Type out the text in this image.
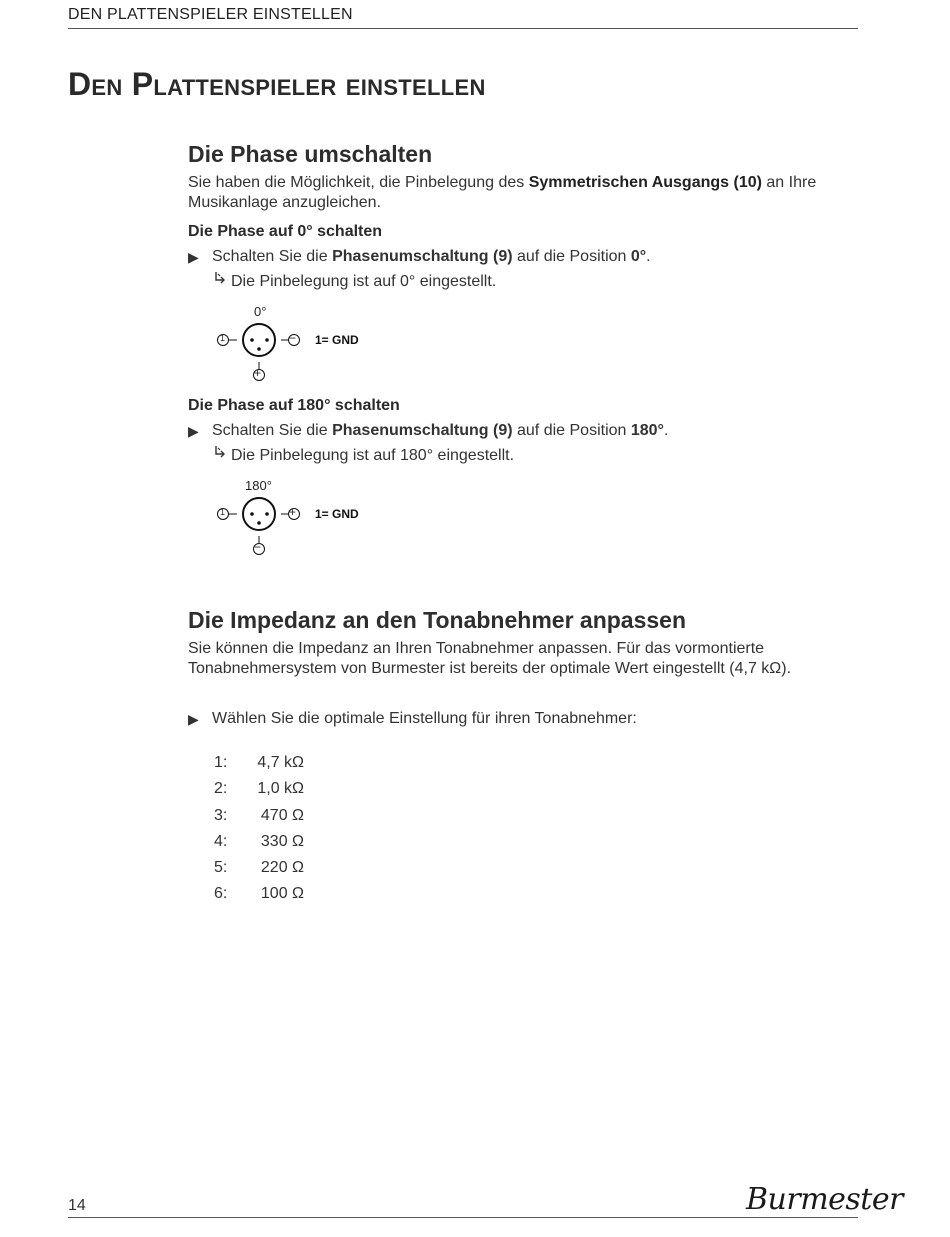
DEN PLATTENSPIELER EINSTELLEN
Den Plattenspieler einstellen
Die Phase umschalten
Sie haben die Möglichkeit, die Pinbelegung des Symmetrischen Ausgangs (10) an Ihre
Musikanlage anzugleichen.
Die Phase auf 0° schalten
▶ Schalten Sie die Phasenumschaltung (9) auf die Position 0°.
Die Pinbelegung ist auf 0° eingestellt.
0°
1	−
+
1= GND
Die Phase auf 180° schalten
▶ Schalten Sie die Phasenumschaltung (9) auf die Position 180°.
Die Pinbelegung ist auf 180° eingestellt.
180°
1	+
−
1= GND
Die Impedanz an den Tonabnehmer anpassen
Sie können die Impedanz an Ihren Tonabnehmer anpassen. Für das vormontierte
Tonabnehmersystem von Burmester ist bereits der optimale Wert eingestellt (4,7 kΩ).
▶ Wählen Sie die optimale Einstellung für ihren Tonabnehmer:
1: 4,7 kΩ
2: 1,0 kΩ
3: 470 Ω
4: 330 Ω
5: 220 Ω
6: 100 Ω
14	Burmester
